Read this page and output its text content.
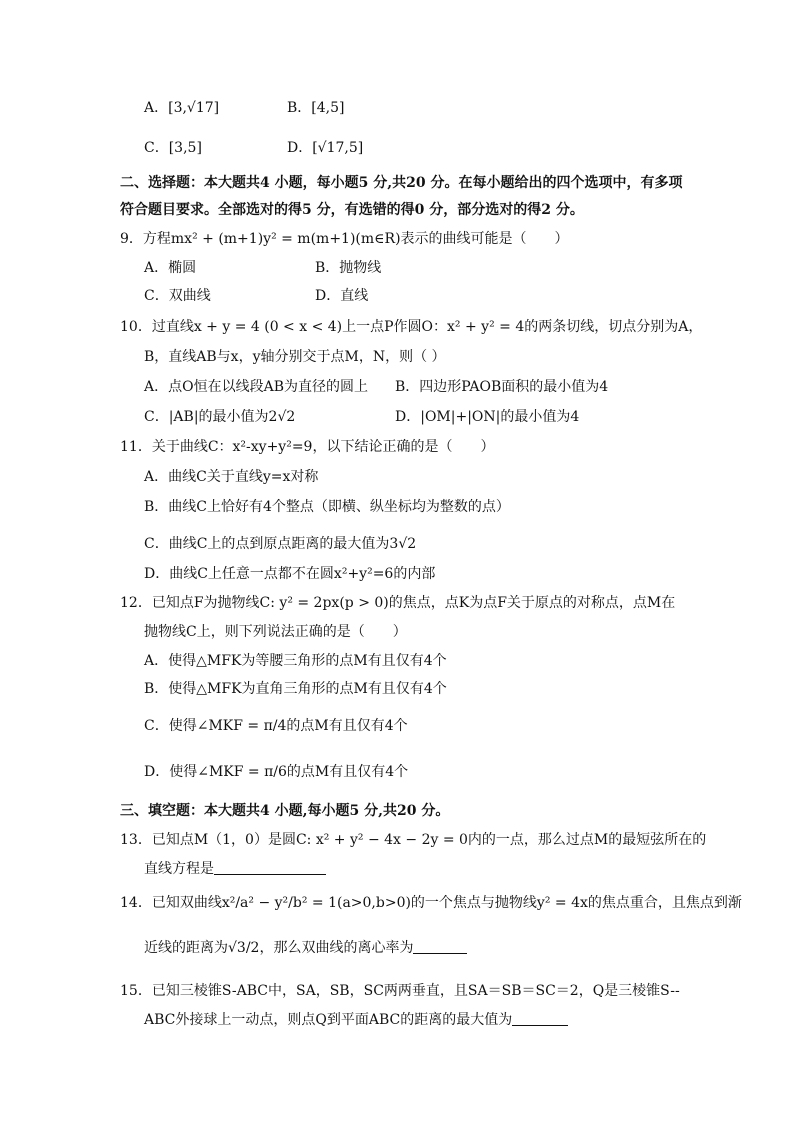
A．[3,√17]	B．[4,5]
C．[3,5]	D．[√17,5]
二、选择题：本大题共4 小题，每小题5 分,共20 分。在每小题给出的四个选项中，有多项
符合题目要求。全部选对的得5 分，有选错的得0 分，部分选对的得2 分。
9．方程mx² + (m+1)y² = m(m+1)(m∈R)表示的曲线可能是（　　）
A．椭圆	B．抛物线
C．双曲线	D．直线
10．过直线x + y = 4 (0 < x < 4)上一点P作圆O：x² + y² = 4的两条切线，切点分别为A，
B，直线AB与x，y轴分别交于点M，N，则（ ）
A．点O恒在以线段AB为直径的圆上 B．四边形PAOB面积的最小值为4
C．|AB|的最小值为2√2	D．|OM|+|ON|的最小值为4
11．关于曲线C：x²-xy+y²=9，以下结论正确的是（　　）
A．曲线C关于直线y=x对称
B．曲线C上恰好有4个整点（即横、纵坐标均为整数的点）
C．曲线C上的点到原点距离的最大值为3√2
D．曲线C上任意一点都不在圆x²+y²=6的内部
12．已知点F为抛物线C: y² = 2px(p > 0)的焦点，点K为点F关于原点的对称点，点M在
抛物线C上，则下列说法正确的是（　　）
A．使得△MFK为等腰三角形的点M有且仅有4个
B．使得△MFK为直角三角形的点M有且仅有4个
C．使得∠MKF = π/4的点M有且仅有4个
D．使得∠MKF = π/6的点M有且仅有4个
三、填空题：本大题共4 小题,每小题5 分,共20 分。
13．已知点M（1，0）是圆C: x² + y² − 4x − 2y = 0内的一点，那么过点M的最短弦所在的
直线方程是
14．已知双曲线x²/a² − y²/b² = 1(a>0,b>0)的一个焦点与抛物线y² = 4x的焦点重合，且焦点到渐
近线的距离为√3/2，那么双曲线的离心率为
15．已知三棱锥S-ABC中，SA，SB，SC两两垂直，且SA＝SB＝SC＝2，Q是三棱锥S--
ABC外接球上一动点，则点Q到平面ABC的距离的最大值为
